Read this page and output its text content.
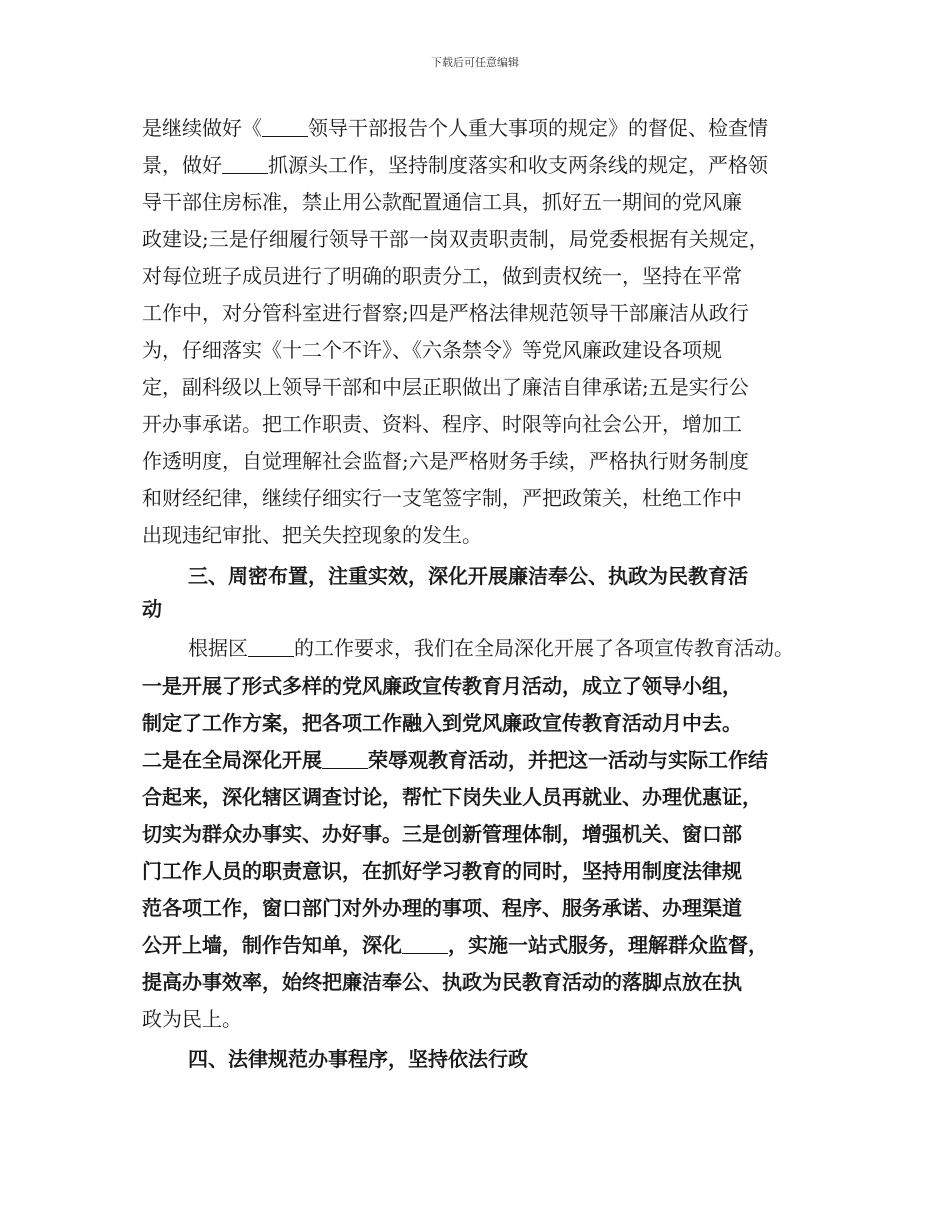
下载后可任意编辑
是继续做好《 领导干部报告个人重大事项的规定》的督促、检查情
景，做好 抓源头工作，坚持制度落实和收支两条线的规定，严格领
导干部住房标准，禁止用公款配置通信工具，抓好五一期间的党风廉
政建设;三是仔细履行领导干部一岗双责职责制，局党委根据有关规定，
对每位班子成员进行了明确的职责分工，做到责权统一，坚持在平常
工作中，对分管科室进行督察;四是严格法律规范领导干部廉洁从政行
为，仔细落实《十二个不许》、《六条禁令》等党风廉政建设各项规
定，副科级以上领导干部和中层正职做出了廉洁自律承诺;五是实行公
开办事承诺。把工作职责、资料、程序、时限等向社会公开，增加工
作透明度，自觉理解社会监督;六是严格财务手续，严格执行财务制度
和财经纪律，继续仔细实行一支笔签字制，严把政策关，杜绝工作中
出现违纪审批、把关失控现象的发生。
三、周密布置，注重实效，深化开展廉洁奉公、执政为民教育活
动
根据区 的工作要求，我们在全局深化开展了各项宣传教育活动。
一是开展了形式多样的党风廉政宣传教育月活动，成立了领导小组，
制定了工作方案，把各项工作融入到党风廉政宣传教育活动月中去。
二是在全局深化开展 荣辱观教育活动，并把这一活动与实际工作结
合起来，深化辖区调查讨论，帮忙下岗失业人员再就业、办理优惠证，
切实为群众办事实、办好事。三是创新管理体制，增强机关、窗口部
门工作人员的职责意识，在抓好学习教育的同时，坚持用制度法律规
范各项工作，窗口部门对外办理的事项、程序、服务承诺、办理渠道
公开上墙，制作告知单，深化 ，实施一站式服务，理解群众监督，
提高办事效率，始终把廉洁奉公、执政为民教育活动的落脚点放在执
政为民上。
四、法律规范办事程序，坚持依法行政
